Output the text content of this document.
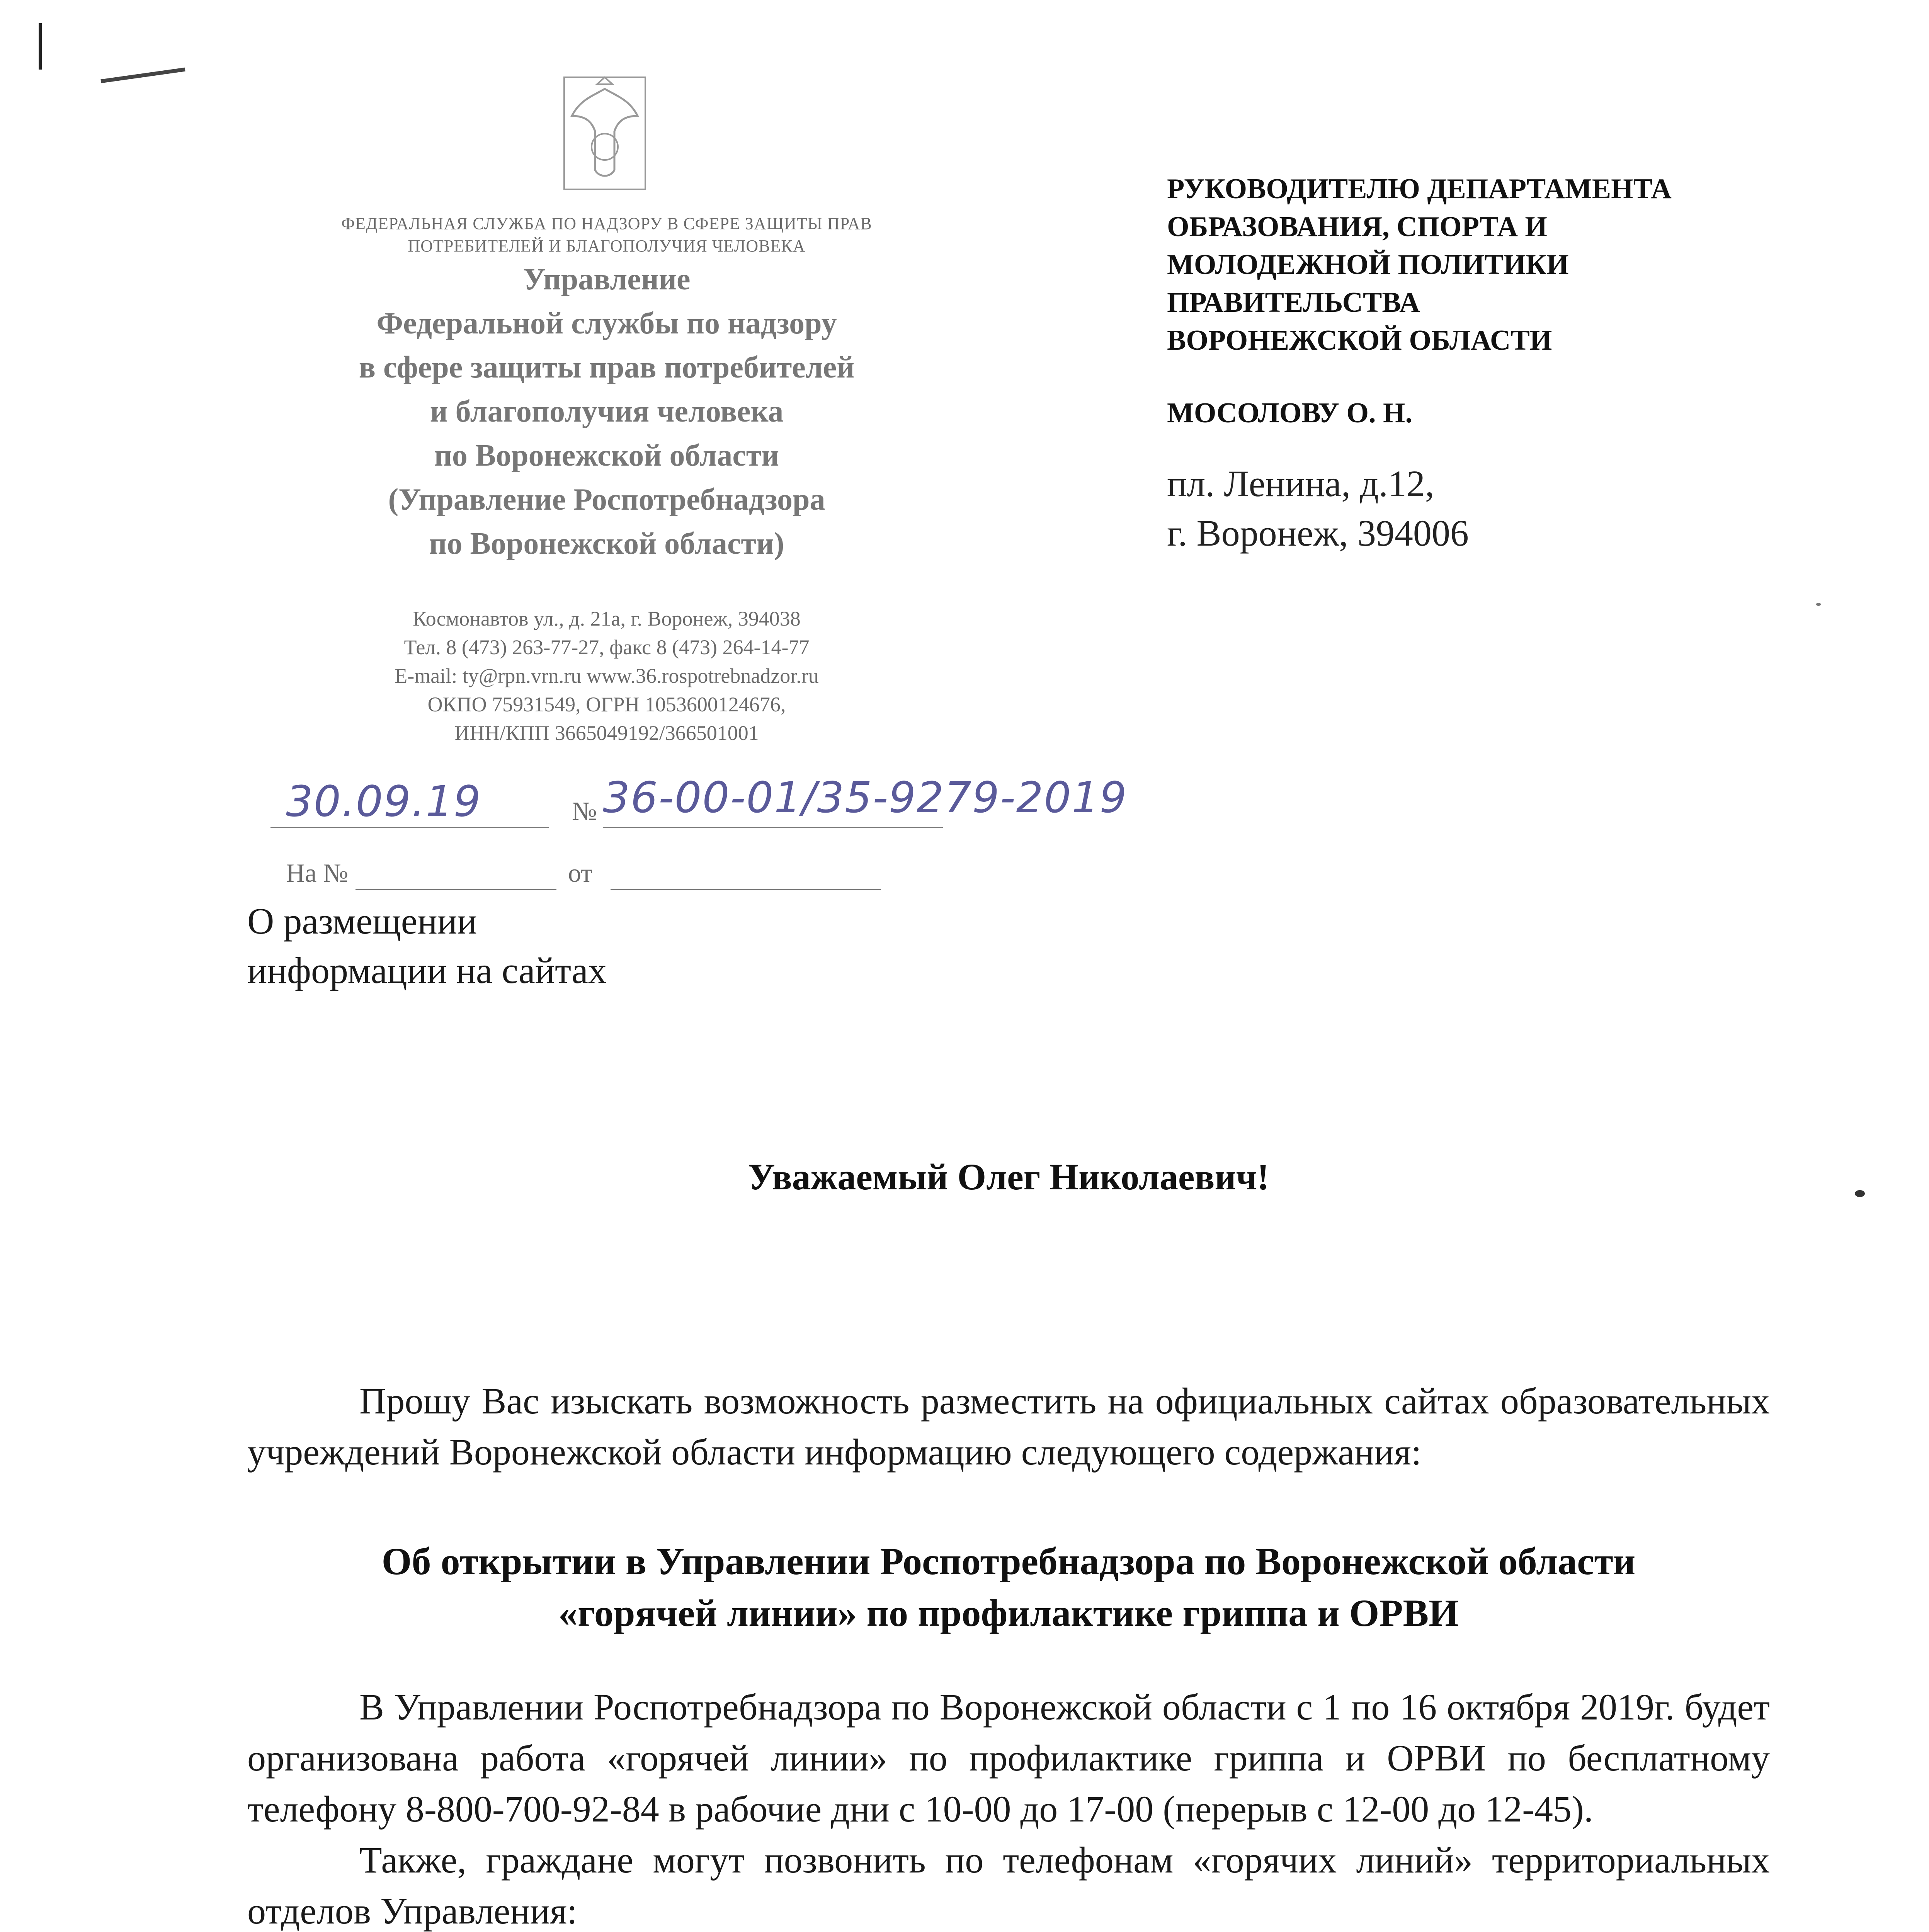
ФЕДЕРАЛЬНАЯ СЛУЖБА ПО НАДЗОРУ В СФЕРЕ ЗАЩИТЫ ПРАВ
ПОТРЕБИТЕЛЕЙ И БЛАГОПОЛУЧИЯ ЧЕЛОВЕКА
Управление
Федеральной службы по надзору
в сфере защиты прав потребителей
и благополучия человека
по Воронежской области
(Управление Роспотребнадзора
по Воронежской области)
Космонавтов ул., д. 21а, г. Воронеж, 394038
Тел. 8 (473) 263-77-27, факс 8 (473) 264-14-77
E-mail: ty@rpn.vrn.ru www.36.rospotrebnadzor.ru
ОКПО 75931549, ОГРН 1053600124676,
ИНН/КПП 3665049192/366501001
30.09.19	№ 36-00-01/35-9279-2019
На №	от
РУКОВОДИТЕЛЮ ДЕПАРТАМЕНТА
ОБРАЗОВАНИЯ, СПОРТА И
МОЛОДЕЖНОЙ ПОЛИТИКИ
ПРАВИТЕЛЬСТВА
ВОРОНЕЖСКОЙ ОБЛАСТИ
МОСОЛОВУ О. Н.
пл. Ленина, д.12,
г. Воронеж, 394006
О размещении
информации на сайтах
Уважаемый Олег Николаевич!
Прошу Вас изыскать возможность разместить на официальных сайтах образовательных учреждений Воронежской области информацию следующего содержания:
Об открытии в Управлении Роспотребнадзора по Воронежской области
«горячей линии» по профилактике гриппа и ОРВИ
В Управлении Роспотребнадзора по Воронежской области с 1 по 16 октября 2019г. будет организована работа «горячей линии» по профилактике гриппа и ОРВИ по бесплатному телефону 8-800-700-92-84 в рабочие дни с 10-00 до 17-00 (перерыв с 12-00 до 12-45).
Также, граждане могут позвонить по телефонам «горячих линий» территориальных отделов Управления:
